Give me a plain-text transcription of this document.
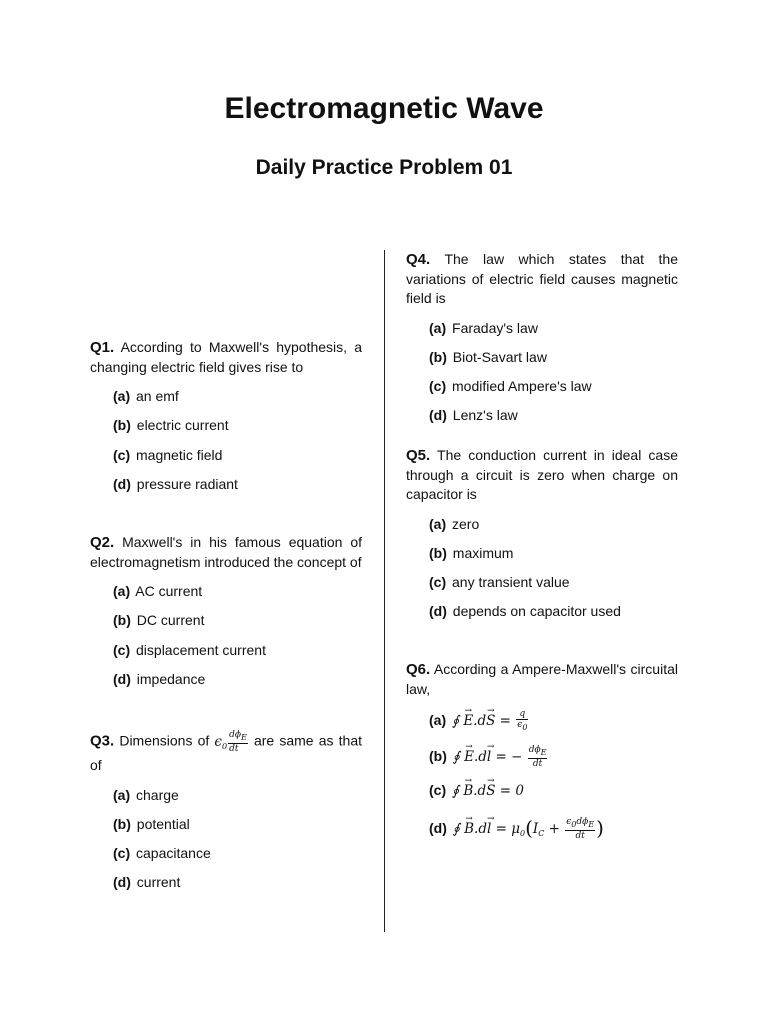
Electromagnetic Wave
Daily Practice Problem 01
Q1. According to Maxwell's hypothesis, a changing electric field gives rise to
(a) an emf
(b) electric current
(c) magnetic field
(d) pressure radiant
Q2. Maxwell's in his famous equation of electromagnetism introduced the concept of
(a) AC current
(b) DC current
(c) displacement current
(d) impedance
Q3. Dimensions of $\epsilon_0 \frac{\text{dϕE}}{dt}$ are same as that of
(a) charge
(b) potential
(c) capacitance
(d) current
Q4. The law which states that the variations of electric field causes magnetic field is
(a) Faraday's law
(b) Biot-Savart law
(c) modified Ampere's law
(d) Lenz's law
Q5. The conduction current in ideal case through a circuit is zero when charge on capacitor is
(a) zero
(b) maximum
(c) any transient value
(d) depends on capacitor used
Q6. According a Ampere-Maxwell's circuital law,
(a) ∮ → $E.d\to S = \frac{q}{\epsilon 0}$
(b) ∮ → E.d→ l = − $\frac{\text{dϕE}}{dt}$
(c) ∮ → B.d→ S = 0
(d) ∮ → $B.d\to l = \mu_0(I_C + \frac{\text{ϵ0dϕE}}{dt}$ )
